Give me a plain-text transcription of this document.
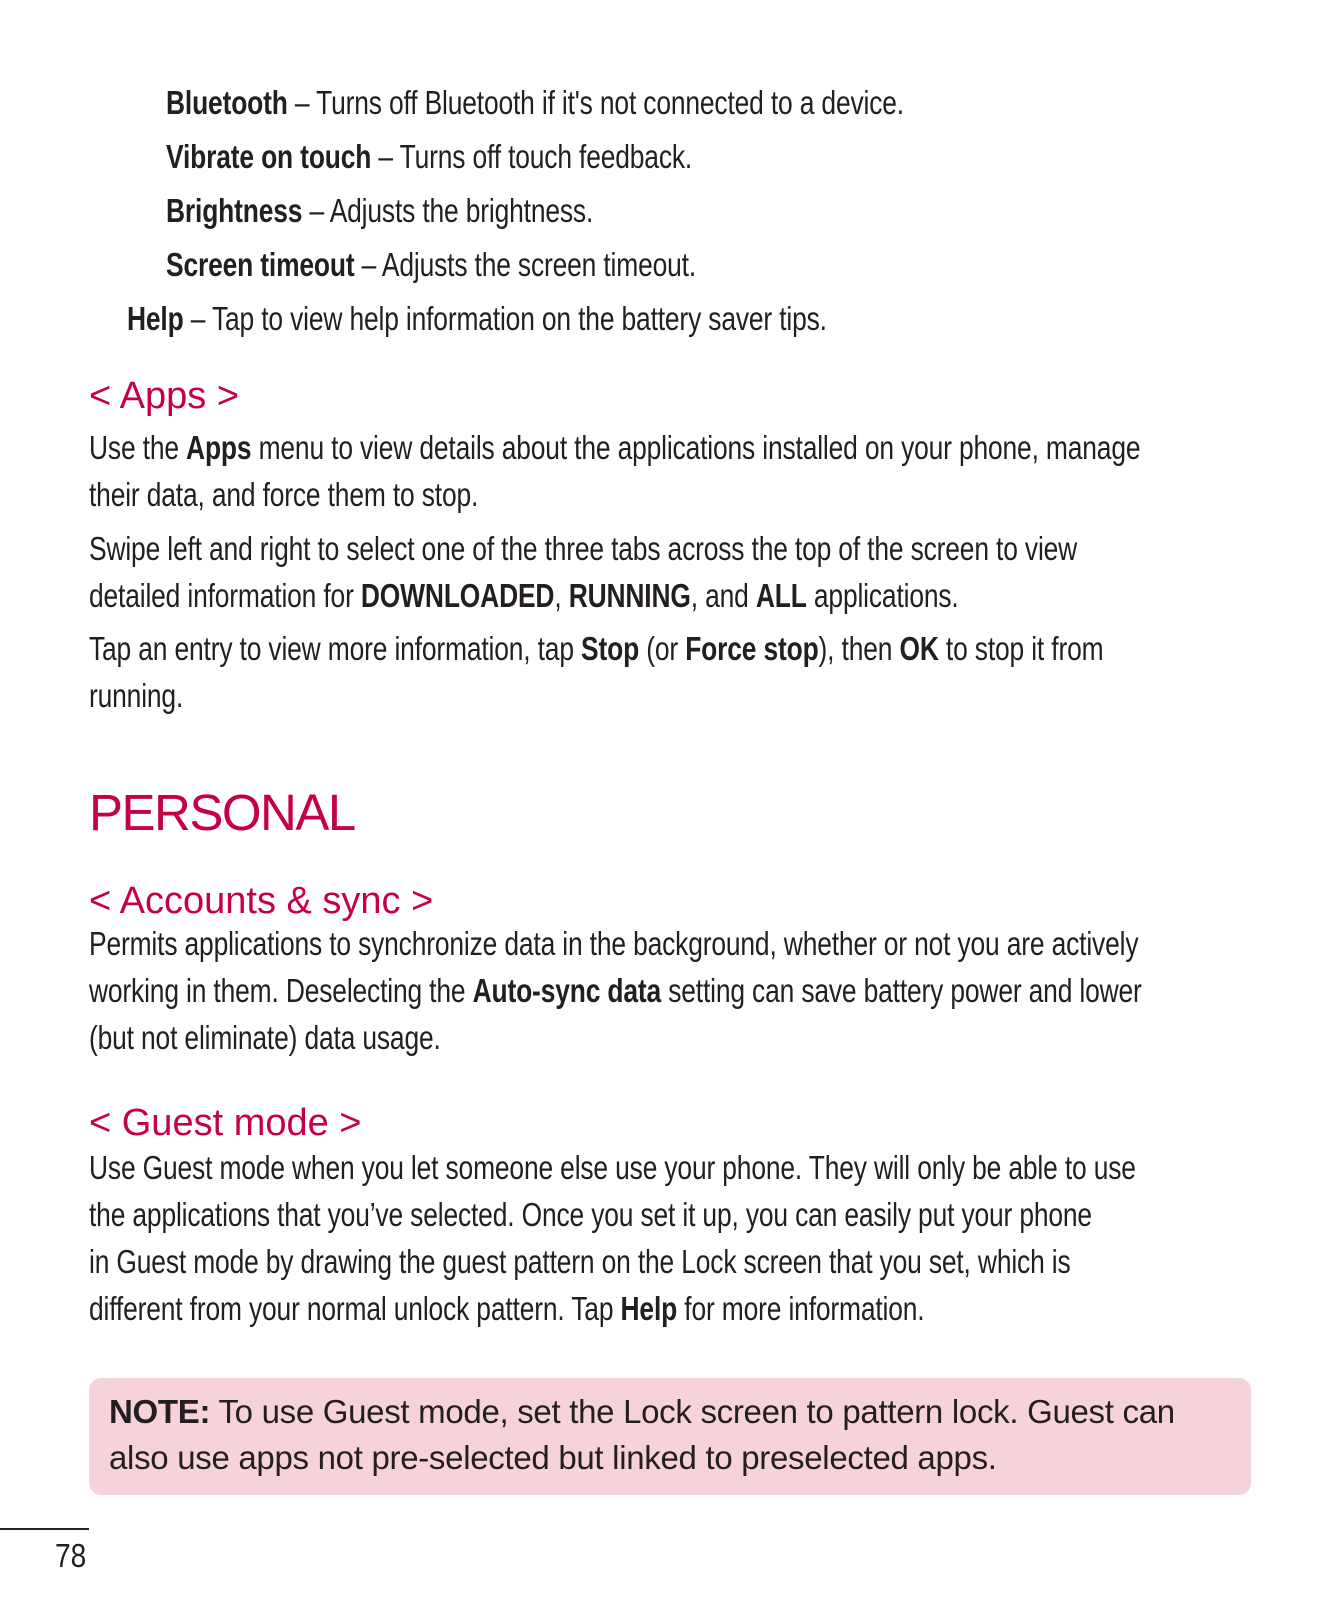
Bluetooth – Turns off Bluetooth if it's not connected to a device.
Vibrate on touch – Turns off touch feedback.
Brightness – Adjusts the brightness.
Screen timeout – Adjusts the screen timeout.
Help – Tap to view help information on the battery saver tips.
< Apps >
Use the Apps menu to view details about the applications installed on your phone, manage
their data, and force them to stop.
Swipe left and right to select one of the three tabs across the top of the screen to view
detailed information for DOWNLOADED, RUNNING, and ALL applications.
Tap an entry to view more information, tap Stop (or Force stop), then OK to stop it from
running.
PERSONAL
< Accounts & sync >
Permits applications to synchronize data in the background, whether or not you are actively
working in them. Deselecting the Auto-sync data setting can save battery power and lower
(but not eliminate) data usage.
< Guest mode >
Use Guest mode when you let someone else use your phone. They will only be able to use
the applications that you’ve selected. Once you set it up, you can easily put your phone
in Guest mode by drawing the guest pattern on the Lock screen that you set, which is
different from your normal unlock pattern. Tap Help for more information.
NOTE: To use Guest mode, set the Lock screen to pattern lock. Guest can
also use apps not pre-selected but linked to preselected apps.
78
